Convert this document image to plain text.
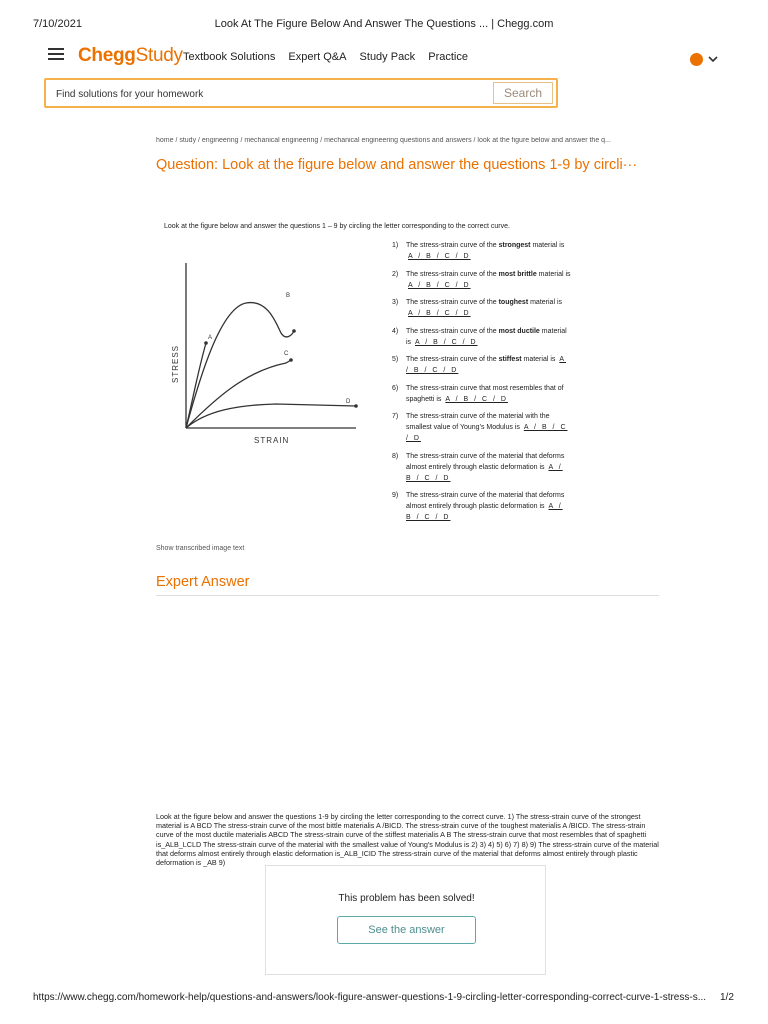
7/10/2021	Look At The Figure Below And Answer The Questions ... | Chegg.com
CheggStudy Textbook Solutions Expert Q&A Study Pack Practice
Find solutions for your homework
Search
home / study / engineering / mechanical engineering / mechanical engineering questions and answers / look at the figure below and answer the q...
Question: Look at the figure below and answer the questions 1-9 by circli···
Look at the figure below and answer the questions 1 – 9 by circling the letter corresponding to the correct curve.
A
B
C
D
STRAIN
STRESS
1)	The stress-strain curve of the strongest material is A / B / C / D
2)	The stress-strain curve of the most brittle material is A / B / C / D
3)	The stress-strain curve of the toughest material is A / B / C / D
4)	The stress-strain curve of the most ductile material is A / B / C / D
5)	The stress-strain curve of the stiffest material is A / B / C / D
6)	The stress-strain curve that most resembles that of spaghetti is A / B / C / D
7)	The stress-strain curve of the material with the smallest value of Young’s Modulus is A / B / C / D
8)	The stress-strain curve of the material that deforms almost entirely through elastic deformation is A / B / C / D
9)	The stress-strain curve of the material that deforms almost entirely through plastic deformation is A / B / C / D
Show transcribed image text
Expert Answer
Look at the figure below and answer the questions 1-9 by circling the letter corresponding to the correct curve. 1) The stress-strain curve of the strongest material is A BCD The stress-strain curve of the most bittle materialis A /BICD. The stress-strain curve of the toughest materialis A /BICD. The stress-strain curve of the most ductile materialis ABCD The stress-strain curve of the stiffest materialis A B The stress-strain curve that most resembles that of spaghetti is_ALB_LCLD The stress-strain curve of the material with the smallest value of Young's Modulus is 2) 3) 4) 5) 6) 7) 8) 9) The stress-strain curve of the material that deforms almost entirely through elastic deformation is_ALB_ICID The stress-strain curve of the material that deforms almost entirely through plastic deformation is _AB 9)
This problem has been solved!
See the answer
https://www.chegg.com/homework-help/questions-and-answers/look-figure-answer-questions-1-9-circling-letter-corresponding-correct-curve-1-stress-s...	1/2
